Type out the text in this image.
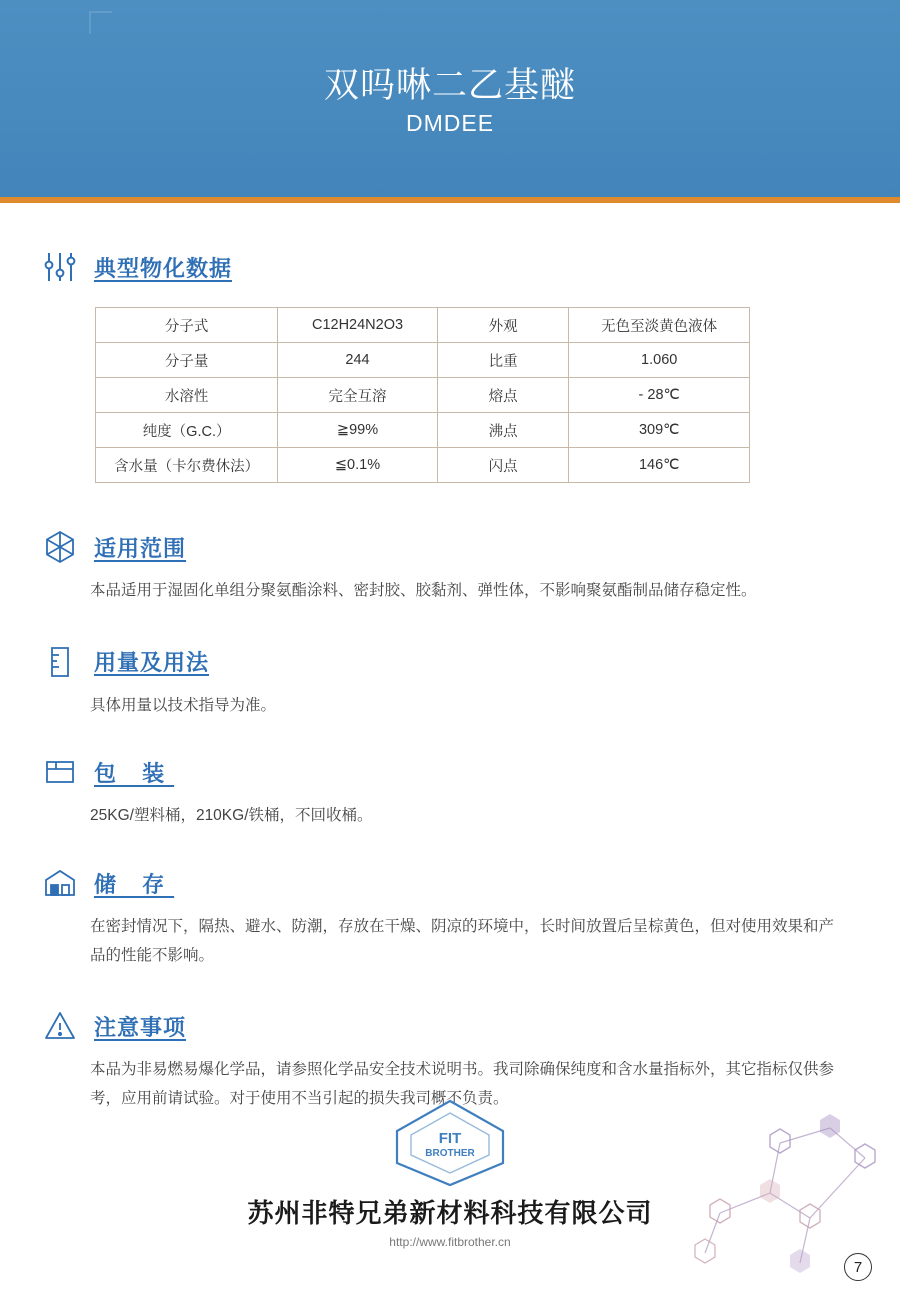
双吗啉二乙基醚
DMDEE
典型物化数据
分子式	C12H24N2O3	外观	无色至淡黄色液体
分子量	244	比重	1.060
水溶性	完全互溶	熔点	- 28℃
纯度（G.C.）	≧99%	沸点	309℃
含水量（卡尔费休法）	≦0.1%	闪点	146℃
适用范围
本品适用于湿固化单组分聚氨酯涂料、密封胶、胶黏剂、弹性体，不影响聚氨酯制品储存稳定性。
用量及用法
具体用量以技术指导为准。
包 装
25KG/塑料桶，210KG/铁桶，不回收桶。
储 存
在密封情况下，隔热、避水、防潮，存放在干燥、阴凉的环境中，长时间放置后呈棕黄色，但对使用效果和产品的性能不影响。
注意事项
本品为非易燃易爆化学品，请参照化学品安全技术说明书。我司除确保纯度和含水量指标外，其它指标仅供参考，应用前请试验。对于使用不当引起的损失我司概不负责。
FIT
BROTHER
苏州非特兄弟新材料科技有限公司
http://www.fitbrother.cn
7
